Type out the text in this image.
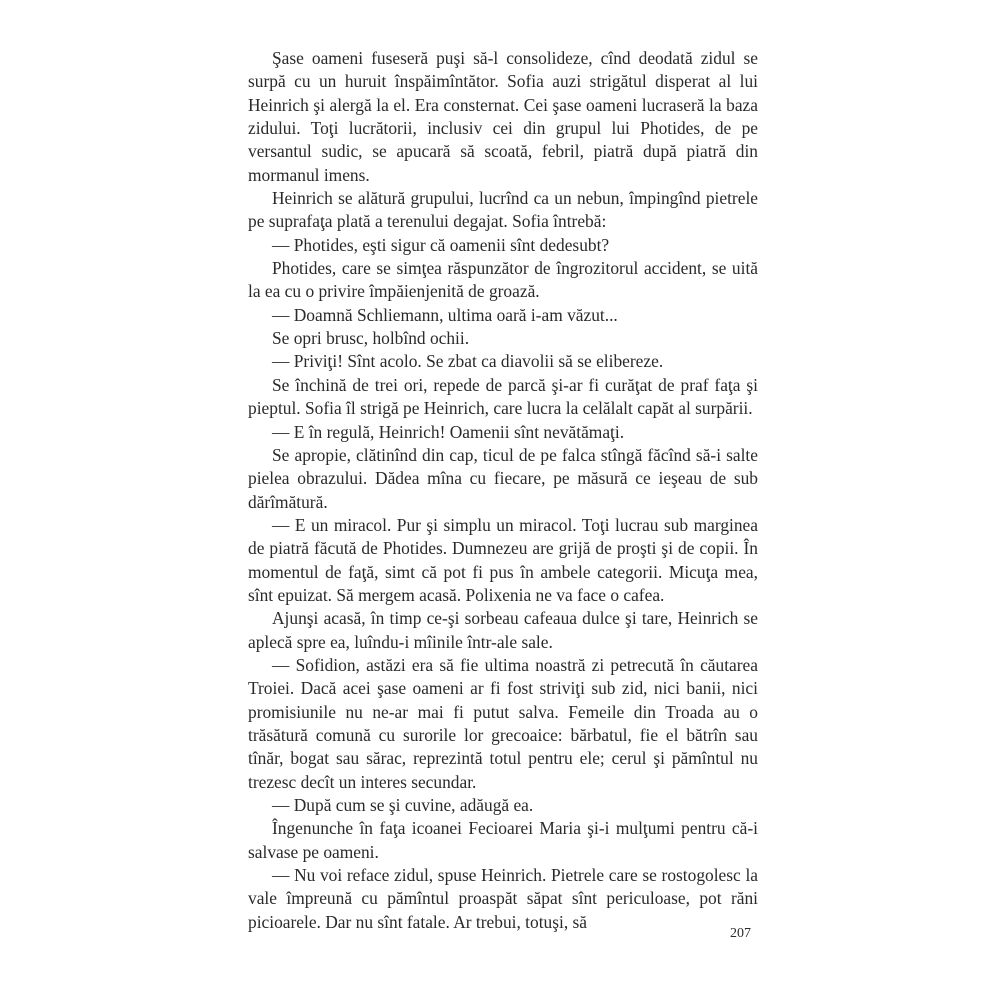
Şase oameni fuseseră puşi să-l consolideze, cînd deodată zidul se surpă cu un huruit înspăimîntător. Sofia auzi strigătul disperat al lui Heinrich şi alergă la el. Era consternat. Cei şase oameni lucraseră la baza zidului. Toţi lucrătorii, inclusiv cei din grupul lui Photides, de pe versantul sudic, se apucară să scoată, febril, piatră după piatră din mormanul imens.

Heinrich se alătură grupului, lucrînd ca un nebun, împingînd pietrele pe suprafaţa plată a terenului degajat. Sofia întrebă:

— Photides, eşti sigur că oamenii sînt dedesubt?

Photides, care se simţea răspunzător de îngrozitorul accident, se uită la ea cu o privire împăienjenită de groază.

— Doamnă Schliemann, ultima oară i-am văzut...

Se opri brusc, holbînd ochii.

— Priviţi! Sînt acolo. Se zbat ca diavolii să se elibereze.

Se închină de trei ori, repede de parcă şi-ar fi curăţat de praf faţa şi pieptul. Sofia îl strigă pe Heinrich, care lucra la celălalt capăt al surpării.

— E în regulă, Heinrich! Oamenii sînt nevătămaţi.

Se apropie, clătinînd din cap, ticul de pe falca stîngă făcînd să-i salte pielea obrazului. Dădea mîna cu fiecare, pe măsură ce ieşeau de sub dărîmătură.

— E un miracol. Pur şi simplu un miracol. Toţi lucrau sub marginea de piatră făcută de Photides. Dumnezeu are grijă de proşti şi de copii. În momentul de faţă, simt că pot fi pus în ambele categorii. Micuţa mea, sînt epuizat. Să mergem acasă. Polixenia ne va face o cafea.

Ajunşi acasă, în timp ce-şi sorbeau cafeaua dulce şi tare, Heinrich se aplecă spre ea, luîndu-i mîinile într-ale sale.

— Sofidion, astăzi era să fie ultima noastră zi petrecută în căutarea Troiei. Dacă acei şase oameni ar fi fost striviţi sub zid, nici banii, nici promisiunile nu ne-ar mai fi putut salva. Femeile din Troada au o trăsătură comună cu surorile lor grecoaice: bărbatul, fie el bătrîn sau tînăr, bogat sau sărac, reprezintă totul pentru ele; cerul şi pămîntul nu trezesc decît un interes secundar.

— După cum se şi cuvine, adăugă ea.

Îngenunche în faţa icoanei Fecioarei Maria şi-i mulţumi pentru că-i salvase pe oameni.

— Nu voi reface zidul, spuse Heinrich. Pietrele care se rostogolesc la vale împreună cu pămîntul proaspăt săpat sînt periculoase, pot răni picioarele. Dar nu sînt fatale. Ar trebui, totuşi, să

207
